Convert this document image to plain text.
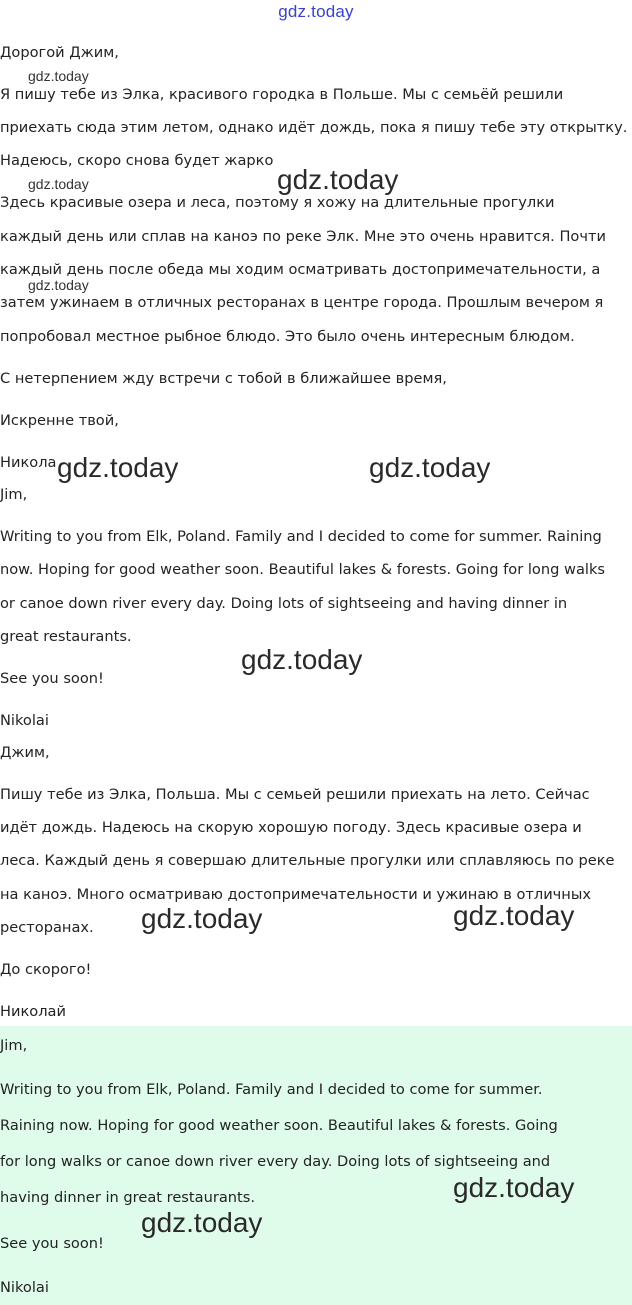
gdz.today
Дорогой Джим,
Я пишу тебе из Элка, красивого городка в Польше. Мы с семьёй решили
приехать сюда этим летом, однако идёт дождь, пока я пишу тебе эту открытку.
Надеюсь, скоро снова будет жарко
Здесь красивые озера и леса, поэтому я хожу на длительные прогулки
каждый день или сплав на каноэ по реке Элк. Мне это очень нравится. Почти
каждый день после обеда мы ходим осматривать достопримечательности, а
затем ужинаем в отличных ресторанах в центре города. Прошлым вечером я
попробовал местное рыбное блюдо. Это было очень интересным блюдом.
С нетерпением жду встречи с тобой в ближайшее время,
Искренне твой,
Никола
Jim,
Writing to you from Elk, Poland. Family and I decided to come for summer. Raining
now. Hoping for good weather soon. Beautiful lakes & forests. Going for long walks
or canoe down river every day. Doing lots of sightseeing and having dinner in
great restaurants.
See you soon!
Nikolai
Джим,
Пишу тебе из Элка, Польша. Мы с семьей решили приехать на лето. Сейчас
идёт дождь. Надеюсь на скорую хорошую погоду. Здесь красивые озера и
леса. Каждый день я совершаю длительные прогулки или сплавляюсь по реке
на каноэ. Много осматриваю достопримечательности и ужинаю в отличных
ресторанах.
До скорого!
Николай
Jim,
Writing to you from Elk, Poland. Family and I decided to come for summer.
Raining now. Hoping for good weather soon. Beautiful lakes & forests. Going
for long walks or canoe down river every day. Doing lots of sightseeing and
having dinner in great restaurants.
See you soon!
Nikolai
gdz.today
gdz.today
gdz.today
gdz.today
gdz.today	gdz.today
gdz.today
gdz.today	gdz.today
gdz.today
gdz.today
